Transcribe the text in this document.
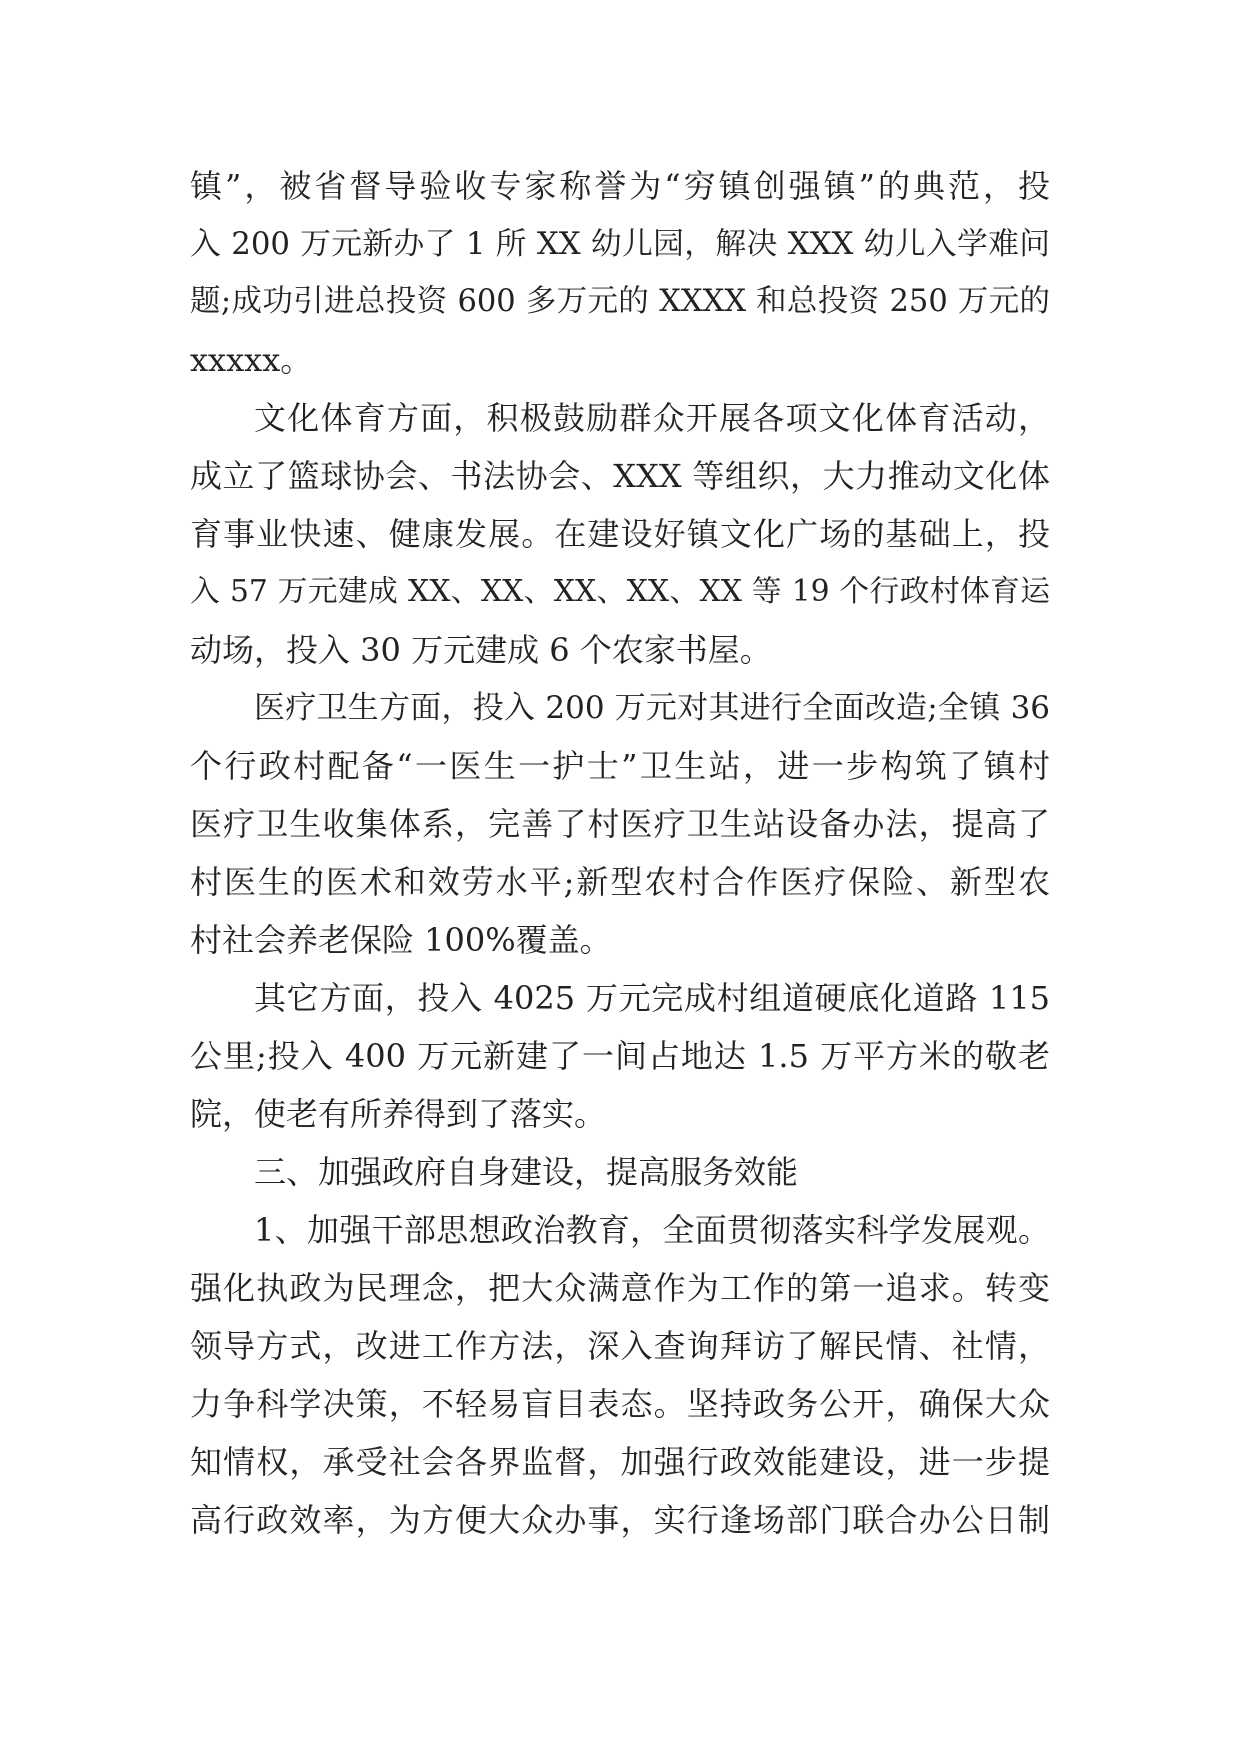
镇”，被省督导验收专家称誉为“穷镇创强镇”的典范，投
入 200 万元新办了 1 所 XX 幼儿园，解决 XXX 幼儿入学难问
题;成功引进总投资 600 多万元的 XXXX 和总投资 250 万元的
xxxxx。
文化体育方面，积极鼓励群众开展各项文化体育活动，
成立了篮球协会、书法协会、XXX 等组织，大力推动文化体
育事业快速、健康发展。在建设好镇文化广场的基础上，投
入 57 万元建成 XX、XX、XX、XX、XX 等 19 个行政村体育运
动场，投入 30 万元建成 6 个农家书屋。
医疗卫生方面，投入 200 万元对其进行全面改造;全镇 36
个行政村配备“一医生一护士”卫生站，进一步构筑了镇村
医疗卫生收集体系，完善了村医疗卫生站设备办法，提高了
村医生的医术和效劳水平;新型农村合作医疗保险、新型农
村社会养老保险 100%覆盖。
其它方面，投入 4025 万元完成村组道硬底化道路 115
公里;投入 400 万元新建了一间占地达 1.5 万平方米的敬老
院，使老有所养得到了落实。
三、加强政府自身建设，提高服务效能
1、加强干部思想政治教育，全面贯彻落实科学发展观。
强化执政为民理念，把大众满意作为工作的第一追求。转变
领导方式，改进工作方法，深入查询拜访了解民情、社情，
力争科学决策，不轻易盲目表态。坚持政务公开，确保大众
知情权，承受社会各界监督，加强行政效能建设，进一步提
高行政效率，为方便大众办事，实行逢场部门联合办公日制
